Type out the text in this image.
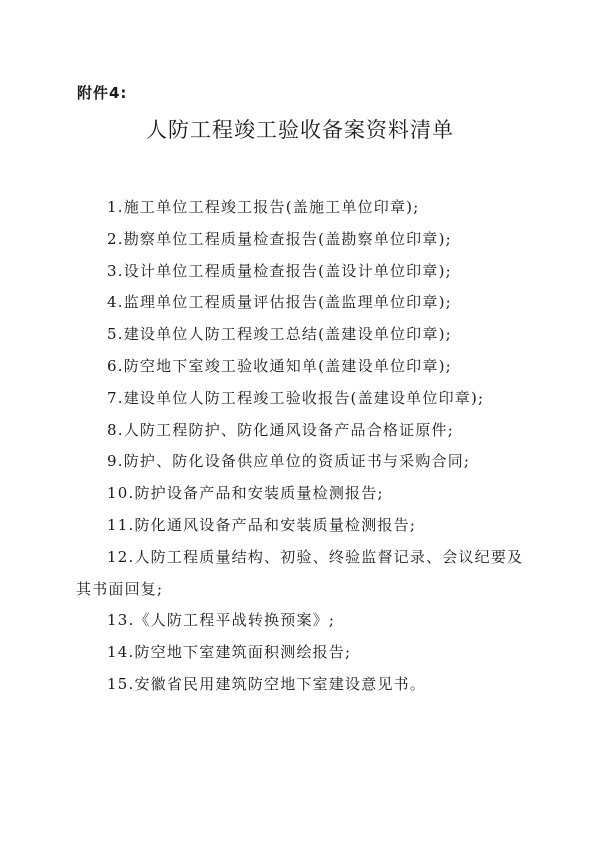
附件4:
人防工程竣工验收备案资料清单
1.施工单位工程竣工报告(盖施工单位印章);
2.勘察单位工程质量检查报告(盖勘察单位印章);
3.设计单位工程质量检查报告(盖设计单位印章);
4.监理单位工程质量评估报告(盖监理单位印章);
5.建设单位人防工程竣工总结(盖建设单位印章);
6.防空地下室竣工验收通知单(盖建设单位印章);
7.建设单位人防工程竣工验收报告(盖建设单位印章);
8.人防工程防护、防化通风设备产品合格证原件;
9.防护、防化设备供应单位的资质证书与采购合同;
10.防护设备产品和安装质量检测报告;
11.防化通风设备产品和安装质量检测报告;
12.人防工程质量结构、初验、终验监督记录、会议纪要及
其书面回复;
13.《人防工程平战转换预案》;
14.防空地下室建筑面积测绘报告;
15.安徽省民用建筑防空地下室建设意见书。
